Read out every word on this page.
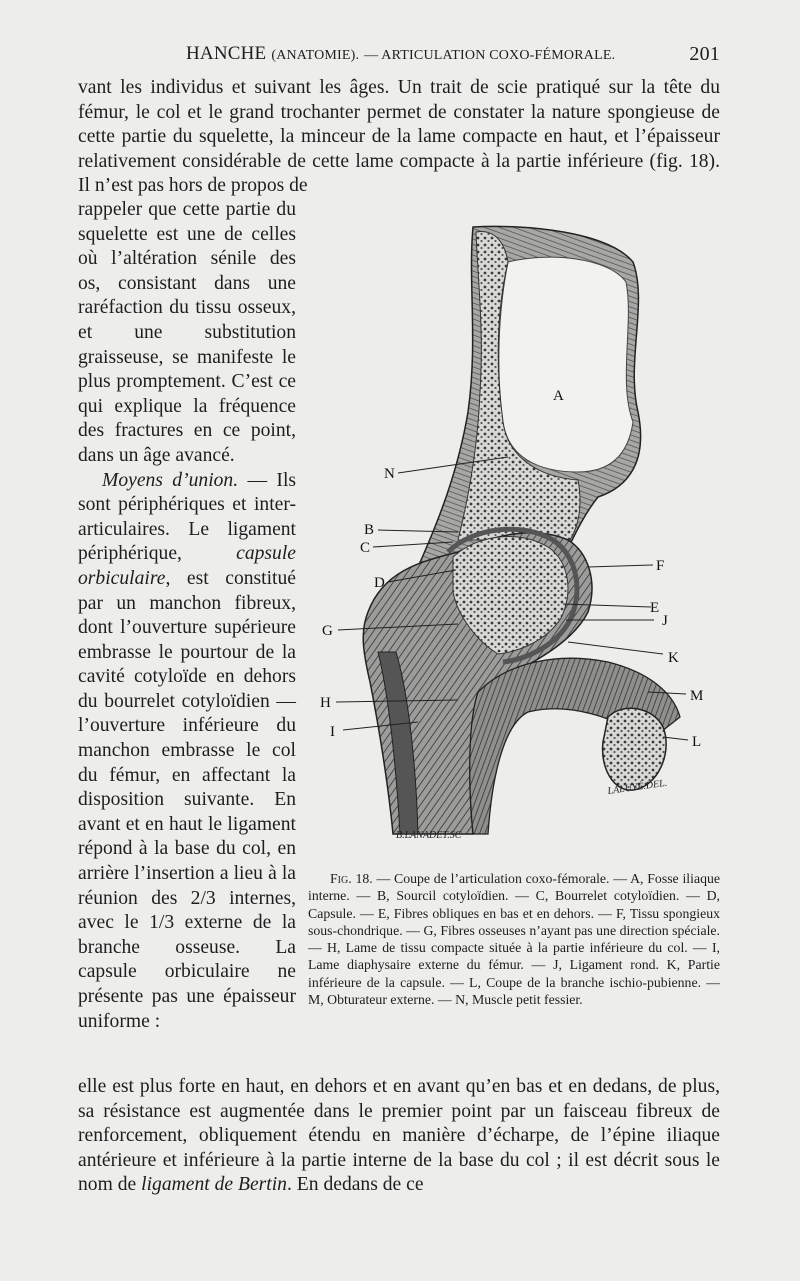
HANCHE (ANATOMIE). — ARTICULATION COXO-FÉMORALE.	201

vant les individus et suivant les âges. Un trait de scie pratiqué sur la tête du fémur, le col et le grand trochanter permet de constater la nature spongieuse de cette partie du squelette, la minceur de la lame compacte en haut, et l’épaisseur relativement considérable de cette lame compacte à la partie inférieure (fig. 18). Il n’est pas hors de propos de

rappeler que cette partie du squelette est une de celles où l’altération sénile des os, consistant dans une raréfaction du tissu osseux, et une substitution graisseuse, se manifeste le plus promptement. C’est ce qui explique la fréquence des fractures en ce point, dans un âge avancé.

Moyens d’union. — Ils sont périphériques et inter-articulaires. Le ligament périphérique, capsule orbiculaire, est constitué par un manchon fibreux, dont l’ouverture supérieure embrasse le pourtour de la cavité cotyloïde en dehors du bourrelet cotyloïdien — l’ouverture inférieure du manchon embrasse le col du fémur, en affectant la disposition suivante. En avant et en haut le ligament répond à la base du col, en arrière l’insertion a lieu à la réunion des 2/3 internes, avec le 1/3 externe de la branche osseuse. La capsule orbiculaire ne présente pas une épaisseur uniforme :

A
B
C
D
E
F
G
H
I
J
K
L
M
N
B.LANADET.SC
LALUYÉ.DEL.

Fig. 18. — Coupe de l’articulation coxo-fémorale. — A, Fosse iliaque interne. — B, Sourcil cotyloïdien. — C, Bourrelet cotyloïdien. — D, Capsule. — E, Fibres obliques en bas et en dehors. — F, Tissu spongieux sous-chondrique. — G, Fibres osseuses n’ayant pas une direction spéciale. — H, Lame de tissu compacte située à la partie inférieure du col. — I, Lame diaphysaire externe du fémur. — J, Ligament rond. K, Partie inférieure de la capsule. — L, Coupe de la branche ischio-pubienne. — M, Obturateur externe. — N, Muscle petit fessier.

elle est plus forte en haut, en dehors et en avant qu’en bas et en dedans, de plus, sa résistance est augmentée dans le premier point par un faisceau fibreux de renforcement, obliquement étendu en manière d’écharpe, de l’épine iliaque antérieure et inférieure à la partie interne de la base du col ; il est décrit sous le nom de ligament de Bertin. En dedans de ce
